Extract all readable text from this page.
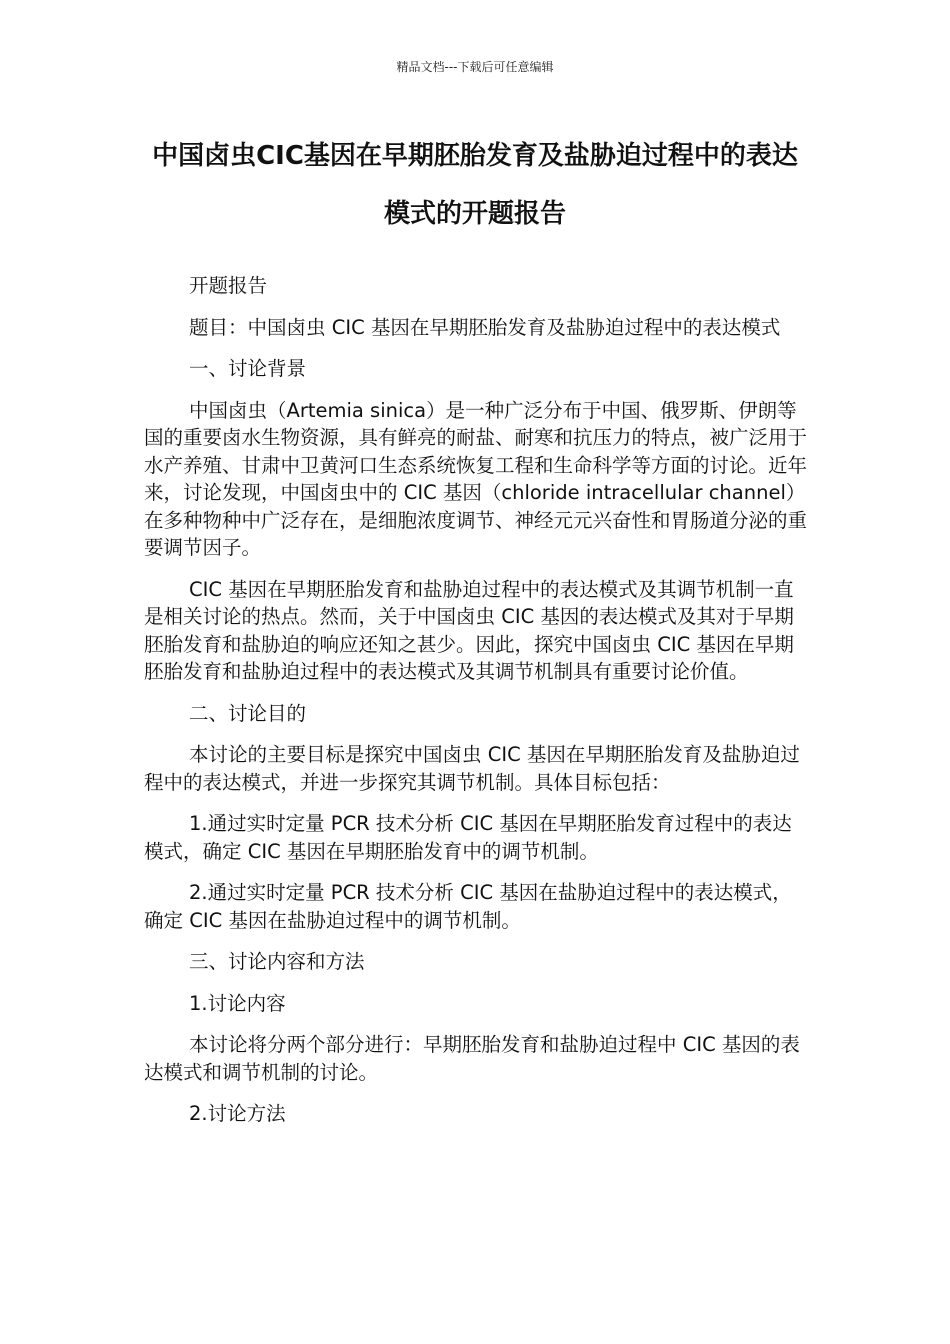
精品文档---下载后可任意编辑
中国卤虫CIC基因在早期胚胎发育及盐胁迫过程中的表达模式的开题报告

开题报告

题目：中国卤虫 CIC 基因在早期胚胎发育及盐胁迫过程中的表达模式

一、讨论背景

中国卤虫（Artemia sinica）是一种广泛分布于中国、俄罗斯、伊朗等国的重要卤水生物资源，具有鲜亮的耐盐、耐寒和抗压力的特点，被广泛用于水产养殖、甘肃中卫黄河口生态系统恢复工程和生命科学等方面的讨论。近年来，讨论发现，中国卤虫中的 CIC 基因（chloride intracellular channel）在多种物种中广泛存在，是细胞浓度调节、神经元元兴奋性和胃肠道分泌的重要调节因子。

CIC 基因在早期胚胎发育和盐胁迫过程中的表达模式及其调节机制一直是相关讨论的热点。然而，关于中国卤虫 CIC 基因的表达模式及其对于早期胚胎发育和盐胁迫的响应还知之甚少。因此，探究中国卤虫 CIC 基因在早期胚胎发育和盐胁迫过程中的表达模式及其调节机制具有重要讨论价值。

二、讨论目的

本讨论的主要目标是探究中国卤虫 CIC 基因在早期胚胎发育及盐胁迫过程中的表达模式，并进一步探究其调节机制。具体目标包括：

1.通过实时定量 PCR 技术分析 CIC 基因在早期胚胎发育过程中的表达模式，确定 CIC 基因在早期胚胎发育中的调节机制。

2.通过实时定量 PCR 技术分析 CIC 基因在盐胁迫过程中的表达模式，确定 CIC 基因在盐胁迫过程中的调节机制。

三、讨论内容和方法

1.讨论内容

本讨论将分两个部分进行：早期胚胎发育和盐胁迫过程中 CIC 基因的表达模式和调节机制的讨论。

2.讨论方法
